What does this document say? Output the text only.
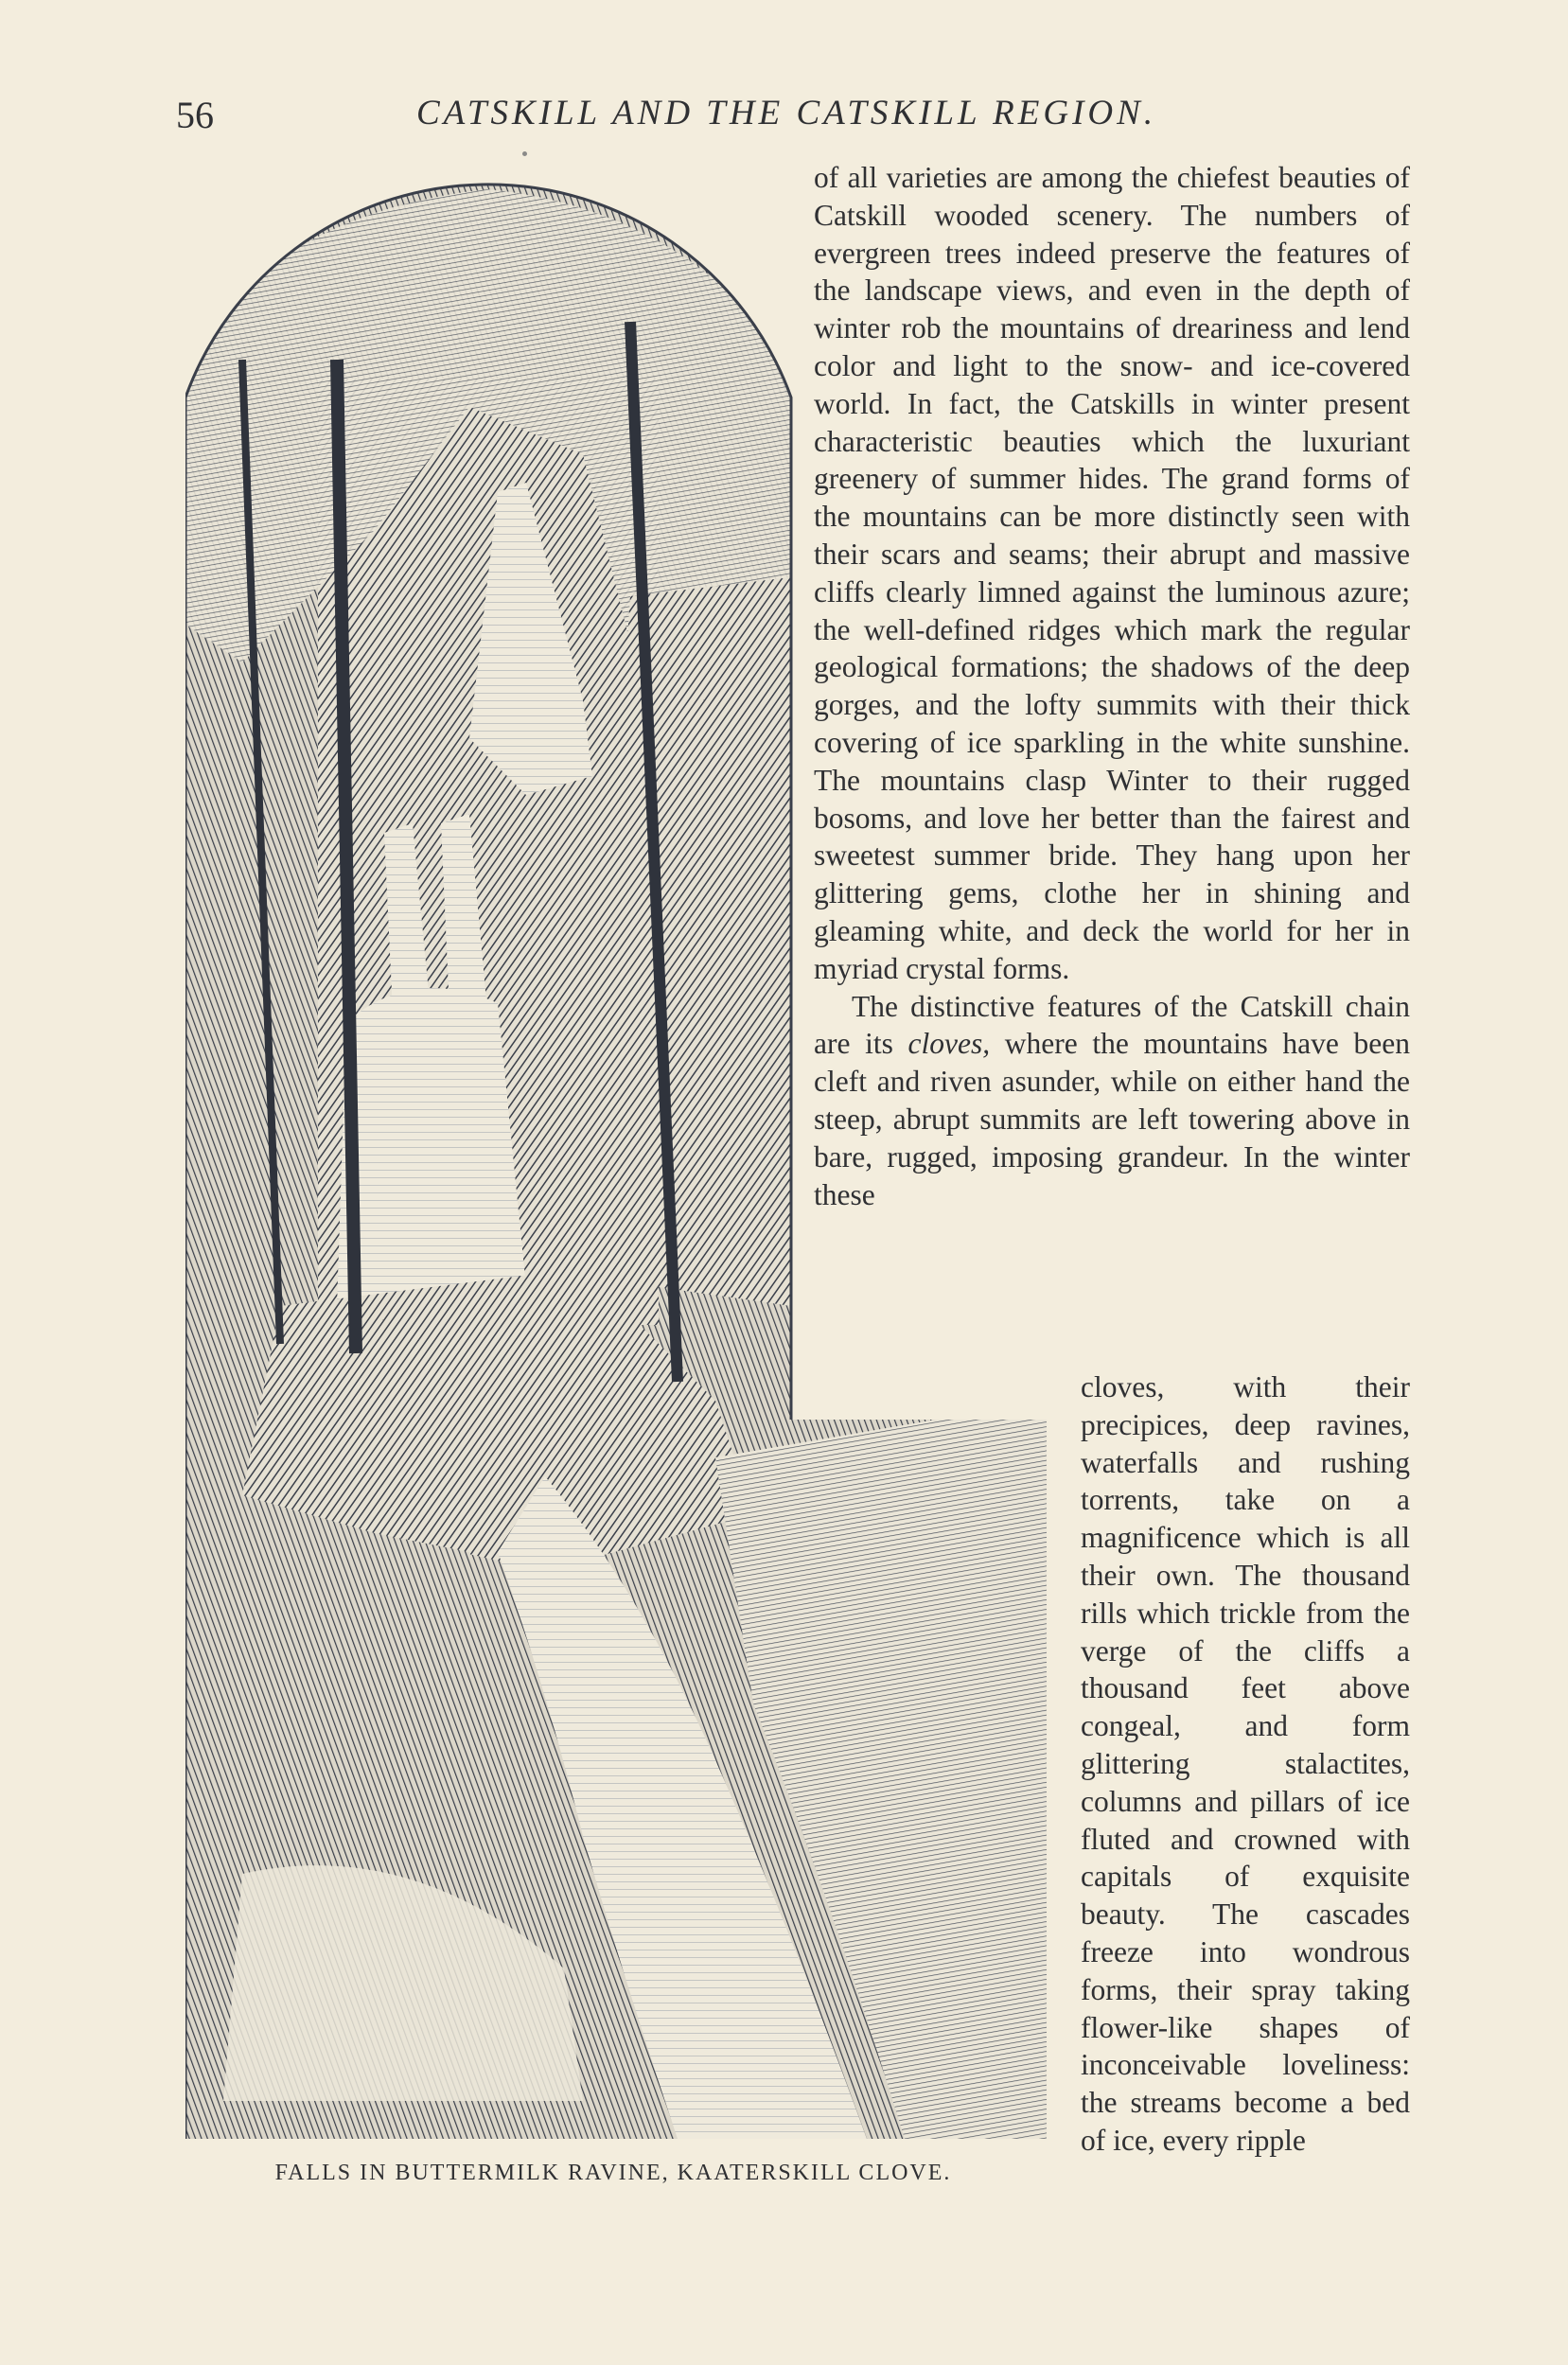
56	CATSKILL AND THE CATSKILL REGION.

of all varieties are among the chiefest beauties of Catskill wooded scenery. The numbers of evergreen trees indeed preserve the features of the landscape views, and even in the depth of winter rob the mountains of dreariness and lend color and light to the snow- and ice-covered world. In fact, the Catskills in winter present characteristic beauties which the luxuriant greenery of summer hides. The grand forms of the mountains can be more distinctly seen with their scars and seams; their abrupt and massive cliffs clearly limned against the luminous azure; the well-defined ridges which mark the regular geological formations; the shadows of the deep gorges, and the lofty summits with their thick covering of ice sparkling in the white sunshine. The mountains clasp Winter to their rugged bosoms, and love her better than the fairest and sweetest summer bride. They hang upon her glittering gems, clothe her in shining and gleaming white, and deck the world for her in myriad crystal forms.

The distinctive features of the Catskill chain are its cloves, where the mountains have been cleft and riven asunder, while on either hand the steep, abrupt summits are left towering above in bare, rugged, imposing grandeur. In the winter these

cloves, with their precipices, deep ravines, waterfalls and rushing torrents, take on a magnificence which is all their own. The thousand rills which trickle from the verge of the cliffs a thousand feet above congeal, and form glittering stalactites, columns and pillars of ice fluted and crowned with capitals of exquisite beauty. The cascades freeze into wondrous forms, their spray taking flower-like shapes of inconceivable loveliness: the streams become a bed of ice, every ripple

FALLS IN BUTTERMILK RAVINE, KAATERSKILL CLOVE.
